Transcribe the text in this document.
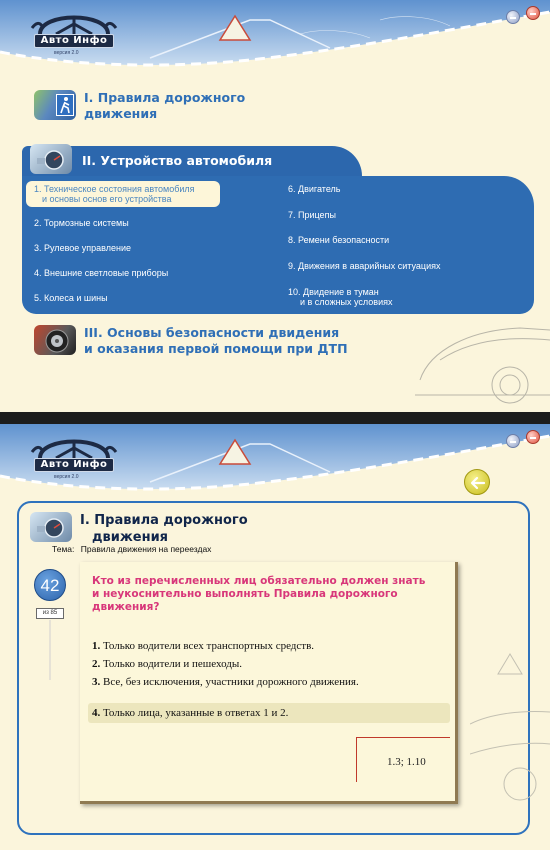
Авто Инфо
версия 2.0
I. Правила дорожного
движения
II. Устройство автомобиля
1. Техническое состояния автомобиля
и основы основ его устройства
2. Тормозные системы
3. Рулевое управление
4. Внешние светловые приборы
5. Колеса и шины
6. Двигатель
7. Прицепы
8. Ремени безопасности
9. Движения в аварийных ситуациях
10. Двидение в туман
и в сложных условиях
III. Основы безопасности двидения
и оказания первой помощи при ДТП
Авто Инфо
версия 2.0
I. Правила дорожного
движения
Тема: Правила движения на переездах
42
из 85
Кто из перечисленных лиц обязательно должен знать и неукоснительно выполнять Правила дорожного движения?
1. Только водители всех транспортных средств.
2. Только водители и пешеходы.
3. Все, без исключения, участники дорожного движения.
4. Только лица, указанные в ответах 1 и 2.
1.3; 1.10
